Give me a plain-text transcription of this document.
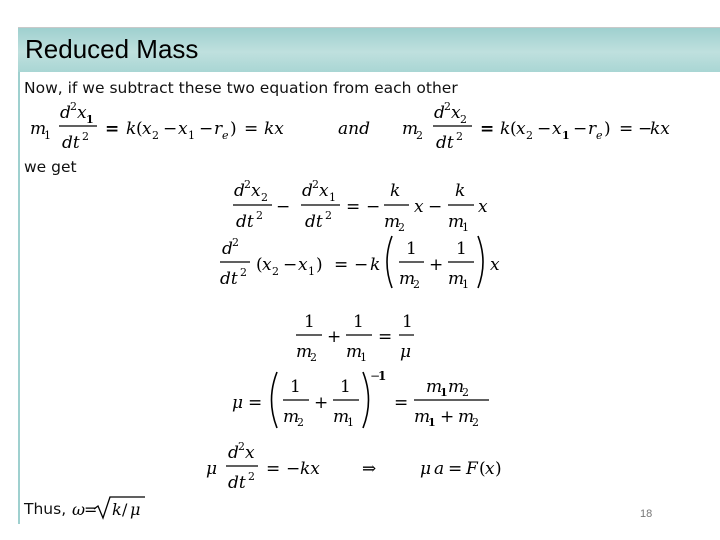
Reduced Mass
Now, if we subtract these two equation from each other
we get
Thus,
m
1
d 2 x 1
dt 2 = k ( x 2 − x 1 − r e ) = kx	and m
2
d 2 x 2
dt 2 = k ( x 2 − x 1 − r e ) = −
kx
d 2 x 2
dt 2 −
d 2 x 1
dt 2 = −
k
m
2
x −
k
m
1
x
d 2
dt 2 ( x 2 − x 1 ) = − k
1
m
2
+
1
m
1
x
1
m
2
+
1
m
1
=
1
μ
μ =
1
m
2
+
1
m
1
−
1
=
m
1 m
2
m
1 + m
2
μ
d 2 x
dt 2 = − kx ⇒	μ a = F ( x )
ω
= k / μ	18
